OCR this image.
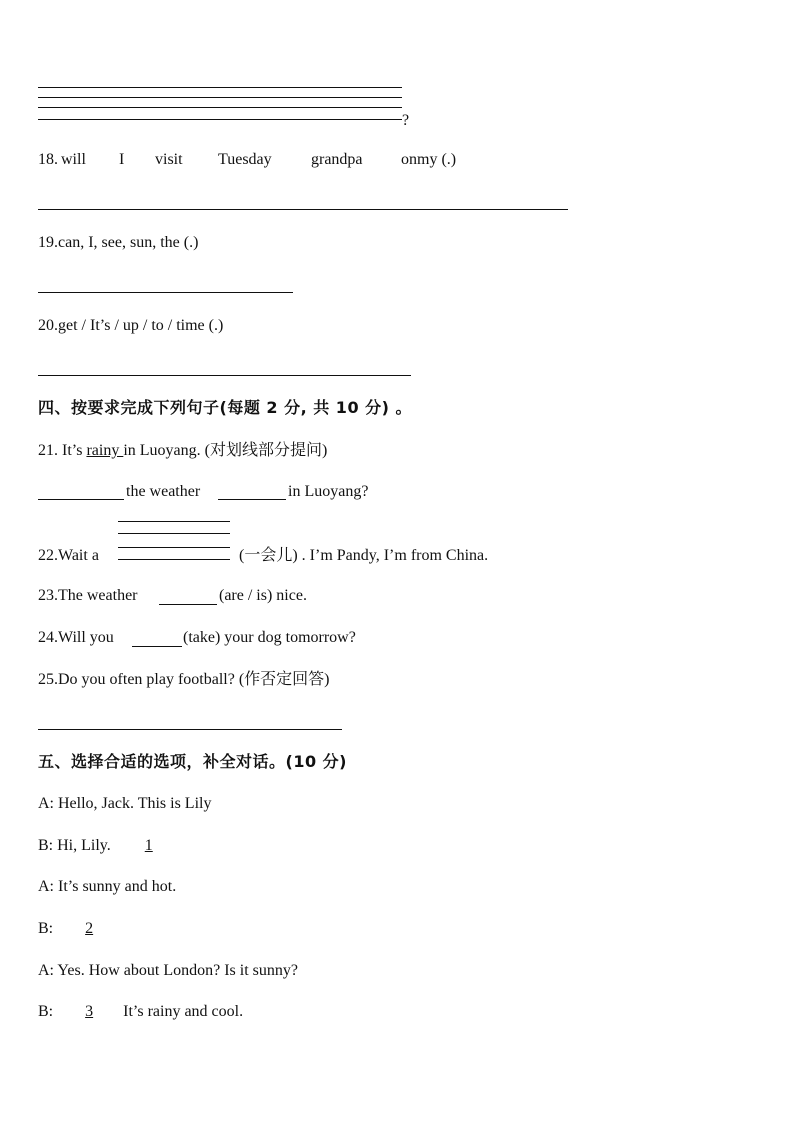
?
18. will I visit Tuesday grandpa onmy (.)
19.can, I, see, sun, the (.)
20.get / It’s / up / to / time (.)
四、按要求完成下列句子(每题 2 分, 共 10 分) 。
21. It’s rainy in Luoyang. (对划线部分提问)
the weather	in Luoyang?
22.Wait a	(一会儿) . I’m Pandy, I’m from China.
23.The weather	(are / is) nice.
24.Will you	(take) your dog tomorrow?
25.Do you often play football? (作否定回答)
五、选择合适的选项，补全对话。(10 分)
A: Hello, Jack. This is Lily
B: Hi, Lily. 1
A: It’s sunny and hot.
B: 2
A: Yes. How about London? Is it sunny?
B: 3 It’s rainy and cool.
